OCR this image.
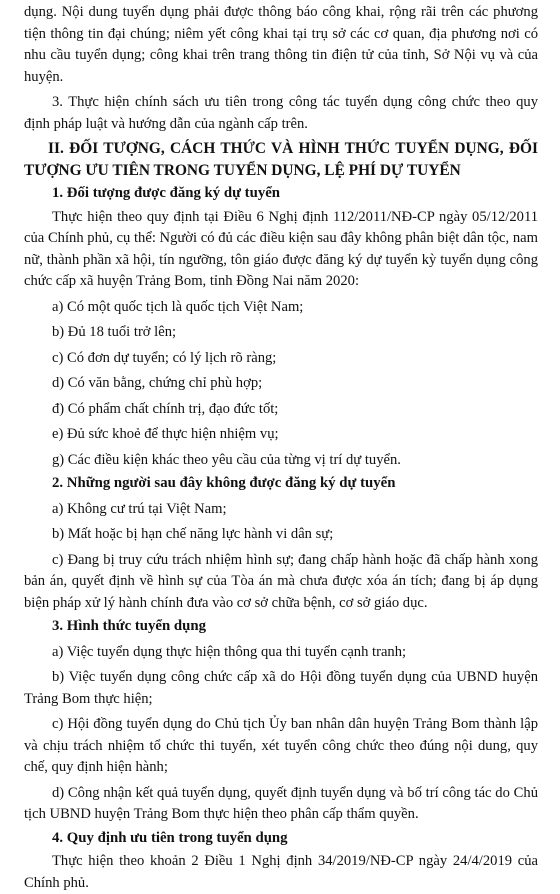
dụng. Nội dung tuyển dụng phải được thông báo công khai, rộng rãi trên các phương tiện thông tin đại chúng; niêm yết công khai tại trụ sở các cơ quan, địa phương nơi có nhu cầu tuyển dụng; công khai trên trang thông tin điện tử của tỉnh, Sở Nội vụ và của huyện.

3. Thực hiện chính sách ưu tiên trong công tác tuyển dụng công chức theo quy định pháp luật và hướng dẫn của ngành cấp trên.

II. ĐỐI TƯỢNG, CÁCH THỨC VÀ HÌNH THỨC TUYỂN DỤNG, ĐỐI TƯỢNG ƯU TIÊN TRONG TUYỂN DỤNG, LỆ PHÍ DỰ TUYỂN
1. Đối tượng được đăng ký dự tuyển

Thực hiện theo quy định tại Điều 6 Nghị định 112/2011/NĐ-CP ngày 05/12/2011 của Chính phủ, cụ thể: Người có đủ các điều kiện sau đây không phân biệt dân tộc, nam nữ, thành phần xã hội, tín ngưỡng, tôn giáo được đăng ký dự tuyển kỳ tuyển dụng công chức cấp xã huyện Trảng Bom, tỉnh Đồng Nai năm 2020:

a) Có một quốc tịch là quốc tịch Việt Nam;

b) Đủ 18 tuổi trở lên;

c) Có đơn dự tuyển; có lý lịch rõ ràng;

d) Có văn bằng, chứng chỉ phù hợp;

đ) Có phẩm chất chính trị, đạo đức tốt;

e) Đủ sức khoẻ để thực hiện nhiệm vụ;

g) Các điều kiện khác theo yêu cầu của từng vị trí dự tuyển.

2. Những người sau đây không được đăng ký dự tuyển

a) Không cư trú tại Việt Nam;

b) Mất hoặc bị hạn chế năng lực hành vi dân sự;

c) Đang bị truy cứu trách nhiệm hình sự; đang chấp hành hoặc đã chấp hành xong bản án, quyết định về hình sự của Tòa án mà chưa được xóa án tích; đang bị áp dụng biện pháp xử lý hành chính đưa vào cơ sở chữa bệnh, cơ sở giáo dục.

3. Hình thức tuyển dụng

a) Việc tuyển dụng thực hiện thông qua thi tuyển cạnh tranh;

b) Việc tuyển dụng công chức cấp xã do Hội đồng tuyển dụng của UBND huyện Trảng Bom thực hiện;

c) Hội đồng tuyển dụng do Chủ tịch Ủy ban nhân dân huyện Trảng Bom thành lập và chịu trách nhiệm tổ chức thi tuyển, xét tuyển công chức theo đúng nội dung, quy chế, quy định hiện hành;

d) Công nhận kết quả tuyển dụng, quyết định tuyển dụng và bố trí công tác do Chủ tịch UBND huyện Trảng Bom thực hiện theo phân cấp thẩm quyền.

4. Quy định ưu tiên trong tuyển dụng

Thực hiện theo khoản 2 Điều 1 Nghị định 34/2019/NĐ-CP ngày 24/4/2019 của Chính phủ.
